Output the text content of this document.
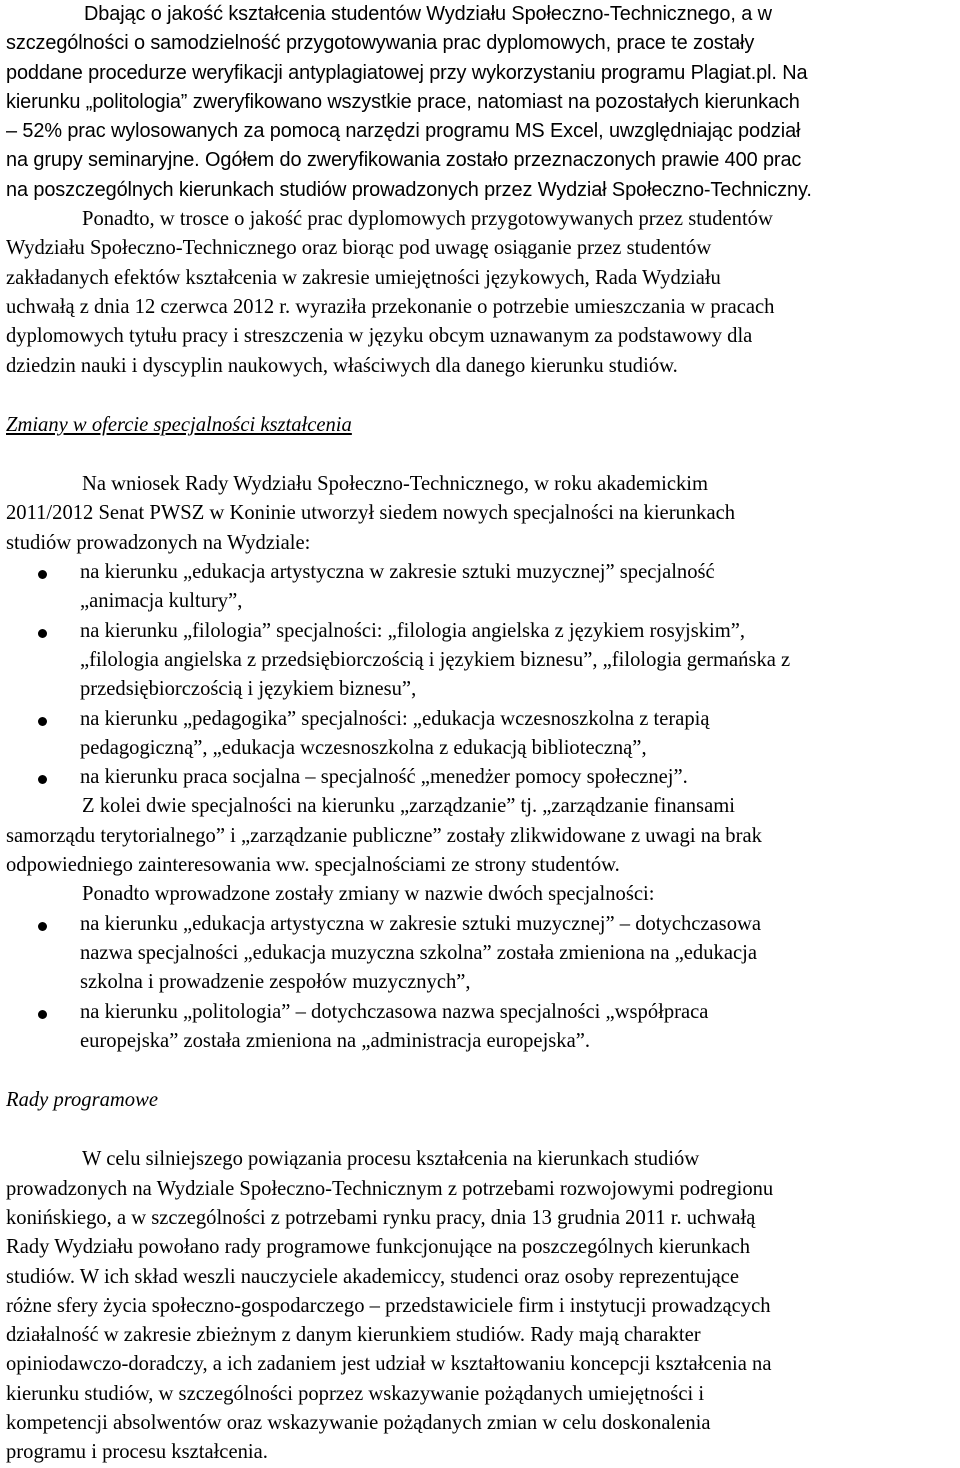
Dbając o jakość kształcenia studentów Wydziału Społeczno-Technicznego, a w
szczególności o samodzielność przygotowywania prac dyplomowych, prace te zostały
poddane procedurze weryfikacji antyplagiatowej przy wykorzystaniu programu Plagiat.pl. Na
kierunku „politologia” zweryfikowano wszystkie prace, natomiast na pozostałych kierunkach
– 52% prac wylosowanych za pomocą narzędzi programu MS Excel, uwzględniając podział
na grupy seminaryjne. Ogółem do zweryfikowania zostało przeznaczonych prawie 400 prac
na poszczególnych kierunkach studiów prowadzonych przez Wydział Społeczno-Techniczny.
Ponadto, w trosce o jakość prac dyplomowych przygotowywanych przez studentów
Wydziału Społeczno-Technicznego oraz biorąc pod uwagę osiąganie przez studentów
zakładanych efektów kształcenia w zakresie umiejętności językowych, Rada Wydziału
uchwałą z dnia 12 czerwca 2012 r. wyraziła przekonanie o potrzebie umieszczania w pracach
dyplomowych tytułu pracy i streszczenia w języku obcym uznawanym za podstawowy dla
dziedzin nauki i dyscyplin naukowych, właściwych dla danego kierunku studiów.
Zmiany w ofercie specjalności kształcenia
Na wniosek Rady Wydziału Społeczno-Technicznego, w roku akademickim
2011/2012 Senat PWSZ w Koninie utworzył siedem nowych specjalności na kierunkach
studiów prowadzonych na Wydziale:
na kierunku „edukacja artystyczna w zakresie sztuki muzycznej” specjalność
„animacja kultury”,
na kierunku „filologia” specjalności: „filologia angielska z językiem rosyjskim”,
„filologia angielska z przedsiębiorczością i językiem biznesu”, „filologia germańska z
przedsiębiorczością i językiem biznesu”,
na kierunku „pedagogika” specjalności: „edukacja wczesnoszkolna z terapią
pedagogiczną”, „edukacja wczesnoszkolna z edukacją biblioteczną”,
na kierunku praca socjalna – specjalność „menedżer pomocy społecznej”.
Z kolei dwie specjalności na kierunku „zarządzanie” tj. „zarządzanie finansami
samorządu terytorialnego” i „zarządzanie publiczne” zostały zlikwidowane z uwagi na brak
odpowiedniego zainteresowania ww. specjalnościami ze strony studentów.
Ponadto wprowadzone zostały zmiany w nazwie dwóch specjalności:
na kierunku „edukacja artystyczna w zakresie sztuki muzycznej” – dotychczasowa
nazwa specjalności „edukacja muzyczna szkolna” została zmieniona na „edukacja
szkolna i prowadzenie zespołów muzycznych”,
na kierunku „politologia” – dotychczasowa nazwa specjalności „współpraca
europejska” została zmieniona na „administracja europejska”.
Rady programowe
W celu silniejszego powiązania procesu kształcenia na kierunkach studiów
prowadzonych na Wydziale Społeczno-Technicznym z potrzebami rozwojowymi podregionu
konińskiego, a w szczególności z potrzebami rynku pracy, dnia 13 grudnia 2011 r. uchwałą
Rady Wydziału powołano rady programowe funkcjonujące na poszczególnych kierunkach
studiów. W ich skład weszli nauczyciele akademiccy, studenci oraz osoby reprezentujące
różne sfery życia społeczno-gospodarczego – przedstawiciele firm i instytucji prowadzących
działalność w zakresie zbieżnym z danym kierunkiem studiów. Rady mają charakter
opiniodawczo-doradczy, a ich zadaniem jest udział w kształtowaniu koncepcji kształcenia na
kierunku studiów, w szczególności poprzez wskazywanie pożądanych umiejętności i
kompetencji absolwentów oraz wskazywanie pożądanych zmian w celu doskonalenia
programu i procesu kształcenia.
